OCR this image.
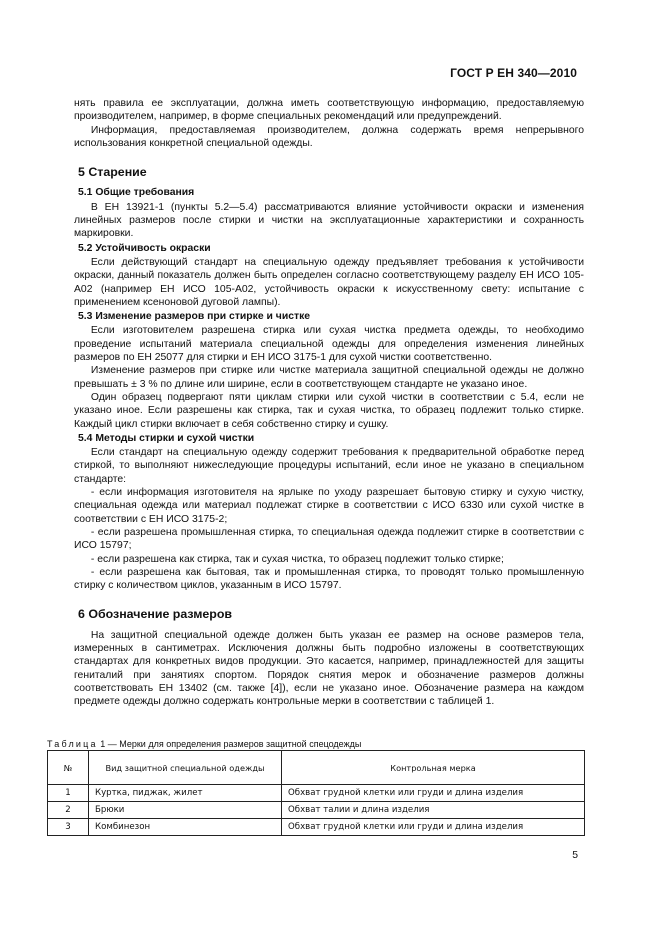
ГОСТ Р ЕН 340—2010

нять правила ее эксплуатации, должна иметь соответствующую информацию, предоставляемую производителем, например, в форме специальных рекомендаций или предупреждений.

Информация, предоставляемая производителем, должна содержать время непрерывного использования конкретной специальной одежды.

5 Старение

5.1 Общие требования

В ЕН 13921-1 (пункты 5.2—5.4) рассматриваются влияние устойчивости окраски и изменения линейных размеров после стирки и чистки на эксплуатационные характеристики и сохранность маркировки.

5.2 Устойчивость окраски

Если действующий стандарт на специальную одежду предъявляет требования к устойчивости окраски, данный показатель должен быть определен согласно соответствующему разделу ЕН ИСО 105-А02 (например ЕН ИСО 105-А02, устойчивость окраски к искусственному свету: испытание с применением ксеноновой дуговой лампы).

5.3 Изменение размеров при стирке и чистке

Если изготовителем разрешена стирка или сухая чистка предмета одежды, то необходимо проведение испытаний материала специальной одежды для определения изменения линейных размеров по ЕН 25077 для стирки и ЕН ИСО 3175-1 для сухой чистки соответственно.

Изменение размеров при стирке или чистке материала защитной специальной одежды не должно превышать ± 3 % по длине или ширине, если в соответствующем стандарте не указано иное.

Один образец подвергают пяти циклам стирки или сухой чистки в соответствии с 5.4, если не указано иное. Если разрешены как стирка, так и сухая чистка, то образец подлежит только стирке. Каждый цикл стирки включает в себя собственно стирку и сушку.

5.4 Методы стирки и сухой чистки

Если стандарт на специальную одежду содержит требования к предварительной обработке перед стиркой, то выполняют нижеследующие процедуры испытаний, если иное не указано в специальном стандарте:

- если информация изготовителя на ярлыке по уходу разрешает бытовую стирку и сухую чистку, специальная одежда или материал подлежат стирке в соответствии с ИСО 6330 или сухой чистке в соответствии с ЕН ИСО 3175-2;

- если разрешена промышленная стирка, то специальная одежда подлежит стирке в соответствии с ИСО 15797;

- если разрешена как стирка, так и сухая чистка, то образец подлежит только стирке;

- если разрешена как бытовая, так и промышленная стирка, то проводят только промышленную стирку с количеством циклов, указанным в ИСО 15797.

6 Обозначение размеров

На защитной специальной одежде должен быть указан ее размер на основе размеров тела, измеренных в сантиметрах. Исключения должны быть подробно изложены в соответствующих стандартах для конкретных видов продукции. Это касается, например, принадлежностей для защиты гениталий при занятиях спортом. Порядок снятия мерок и обозначение размеров должны соответствовать ЕН 13402 (см. также [4]), если не указано иное. Обозначение размера на каждом предмете одежды должно содержать контрольные мерки в соответствии с таблицей 1.

Таблица 1 — Мерки для определения размеров защитной спецодежды
№	Вид защитной специальной одежды	Контрольная мерка
1	Куртка, пиджак, жилет	Обхват грудной клетки или груди и длина изделия
2	Брюки	Обхват талии и длина изделия
3	Комбинезон	Обхват грудной клетки или груди и длина изделия
5
